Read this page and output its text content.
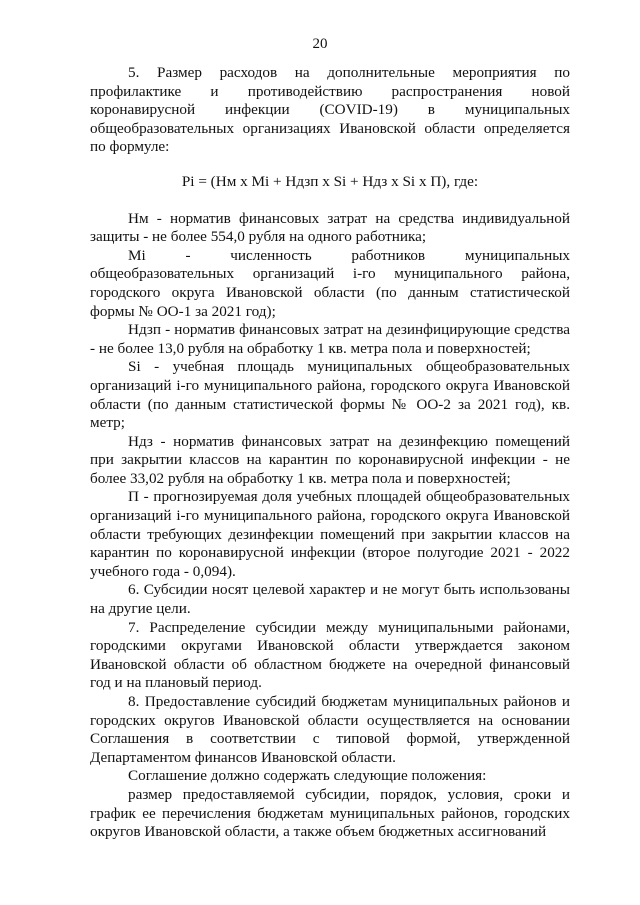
20

5. Размер расходов на дополнительные мероприятия по профилактике и противодействию распространения новой коронавирусной инфекции (COVID-19) в муниципальных общеобразовательных организациях Ивановской области определяется по формуле:

Pi = (Нм x Mi + Ндзп x Si + Ндз x Si x П), где:

Нм - норматив финансовых затрат на средства индивидуальной защиты - не более 554,0 рубля на одного работника;

Mi - численность работников муниципальных общеобразовательных организаций i-го муниципального района, городского округа Ивановской области (по данным статистической формы № ОО-1 за 2021 год);

Ндзп - норматив финансовых затрат на дезинфицирующие средства - не более 13,0 рубля на обработку 1 кв. метра пола и поверхностей;

Si - учебная площадь муниципальных общеобразовательных организаций i-го муниципального района, городского округа Ивановской области (по данным статистической формы № ОО-2 за 2021 год), кв. метр;

Ндз - норматив финансовых затрат на дезинфекцию помещений при закрытии классов на карантин по коронавирусной инфекции - не более 33,02 рубля на обработку 1 кв. метра пола и поверхностей;

П - прогнозируемая доля учебных площадей общеобразовательных организаций i-го муниципального района, городского округа Ивановской области требующих дезинфекции помещений при закрытии классов на карантин по коронавирусной инфекции (второе полугодие 2021 - 2022 учебного года - 0,094).

6. Субсидии носят целевой характер и не могут быть использованы на другие цели.

7. Распределение субсидии между муниципальными районами, городскими округами Ивановской области утверждается законом Ивановской области об областном бюджете на очередной финансовый год и на плановый период.

8. Предоставление субсидий бюджетам муниципальных районов и городских округов Ивановской области осуществляется на основании Соглашения в соответствии с типовой формой, утвержденной Департаментом финансов Ивановской области.

Соглашение должно содержать следующие положения:

размер предоставляемой субсидии, порядок, условия, сроки и график ее перечисления бюджетам муниципальных районов, городских округов Ивановской области, а также объем бюджетных ассигнований
